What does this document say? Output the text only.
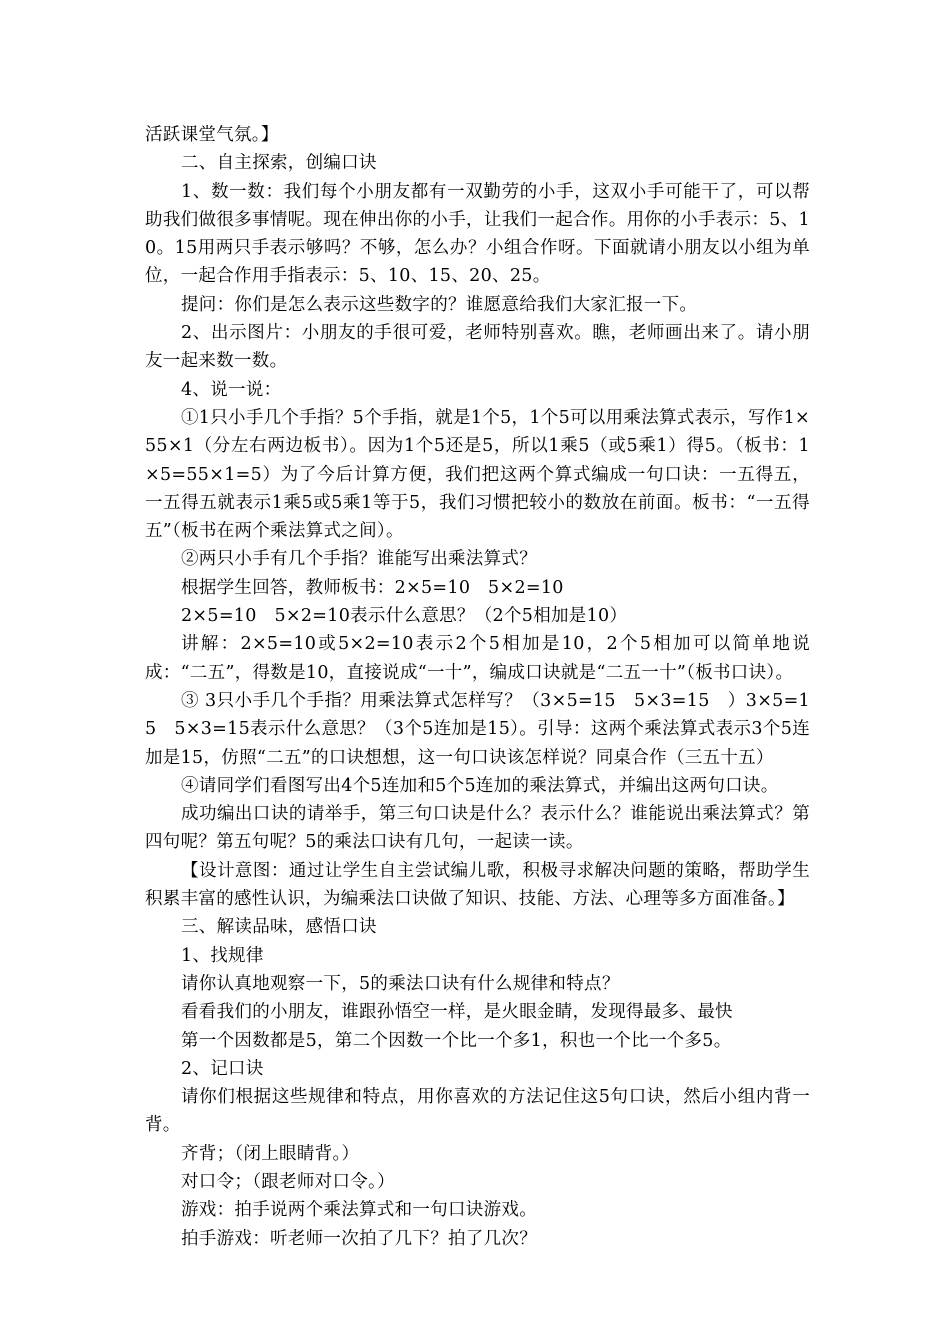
活跃课堂气氛。】

二、自主探索，创编口诀

1、数一数：我们每个小朋友都有一双勤劳的小手，这双小手可能干了，可以帮助我们做很多事情呢。现在伸出你的小手，让我们一起合作。用你的小手表示：5、10。15用两只手表示够吗？不够，怎么办？小组合作呀。下面就请小朋友以小组为单位，一起合作用手指表示：5、10、15、20、25。

提问：你们是怎么表示这些数字的？谁愿意给我们大家汇报一下。

2、出示图片：小朋友的手很可爱，老师特别喜欢。瞧，老师画出来了。请小朋友一起来数一数。

4、说一说：

①1只小手几个手指？5个手指，就是1个5，1个5可以用乘法算式表示，写作1×55×1（分左右两边板书）。因为1个5还是5，所以1乘5（或5乘1）得5。（板书：1×5=55×1=5）为了今后计算方便，我们把这两个算式编成一句口诀：一五得五，一五得五就表示1乘5或5乘1等于5，我们习惯把较小的数放在前面。板书：“一五得五”（板书在两个乘法算式之间）。

②两只小手有几个手指？谁能写出乘法算式？

根据学生回答，教师板书：2×5=10　5×2=10

2×5=10　5×2=10表示什么意思？（2个5相加是10）

讲解：2×5=10或5×2=10表示2个5相加是10，2个5相加可以简单地说成：“二五”，得数是10，直接说成“一十”，编成口诀就是“二五一十”（板书口诀）。

③ 3只小手几个手指？用乘法算式怎样写？（3×5=15　5×3=15　）3×5=15　5×3=15表示什么意思？（3个5连加是15）。引导：这两个乘法算式表示3个5连加是15，仿照“二五”的口诀想想，这一句口诀该怎样说？同桌合作（三五十五）

④请同学们看图写出4个5连加和5个5连加的乘法算式，并编出这两句口诀。

成功编出口诀的请举手，第三句口诀是什么？表示什么？谁能说出乘法算式？第四句呢？第五句呢？5的乘法口诀有几句，一起读一读。

【设计意图：通过让学生自主尝试编儿歌，积极寻求解决问题的策略，帮助学生积累丰富的感性认识，为编乘法口诀做了知识、技能、方法、心理等多方面准备。】

三、解读品味，感悟口诀

1、找规律

请你认真地观察一下，5的乘法口诀有什么规律和特点？

看看我们的小朋友，谁跟孙悟空一样，是火眼金睛，发现得最多、最快

第一个因数都是5，第二个因数一个比一个多1，积也一个比一个多5。

2、记口诀

请你们根据这些规律和特点，用你喜欢的方法记住这5句口诀，然后小组内背一背。

齐背；（闭上眼睛背。）

对口令；（跟老师对口令。）

游戏：拍手说两个乘法算式和一句口诀游戏。

拍手游戏：听老师一次拍了几下？拍了几次？
